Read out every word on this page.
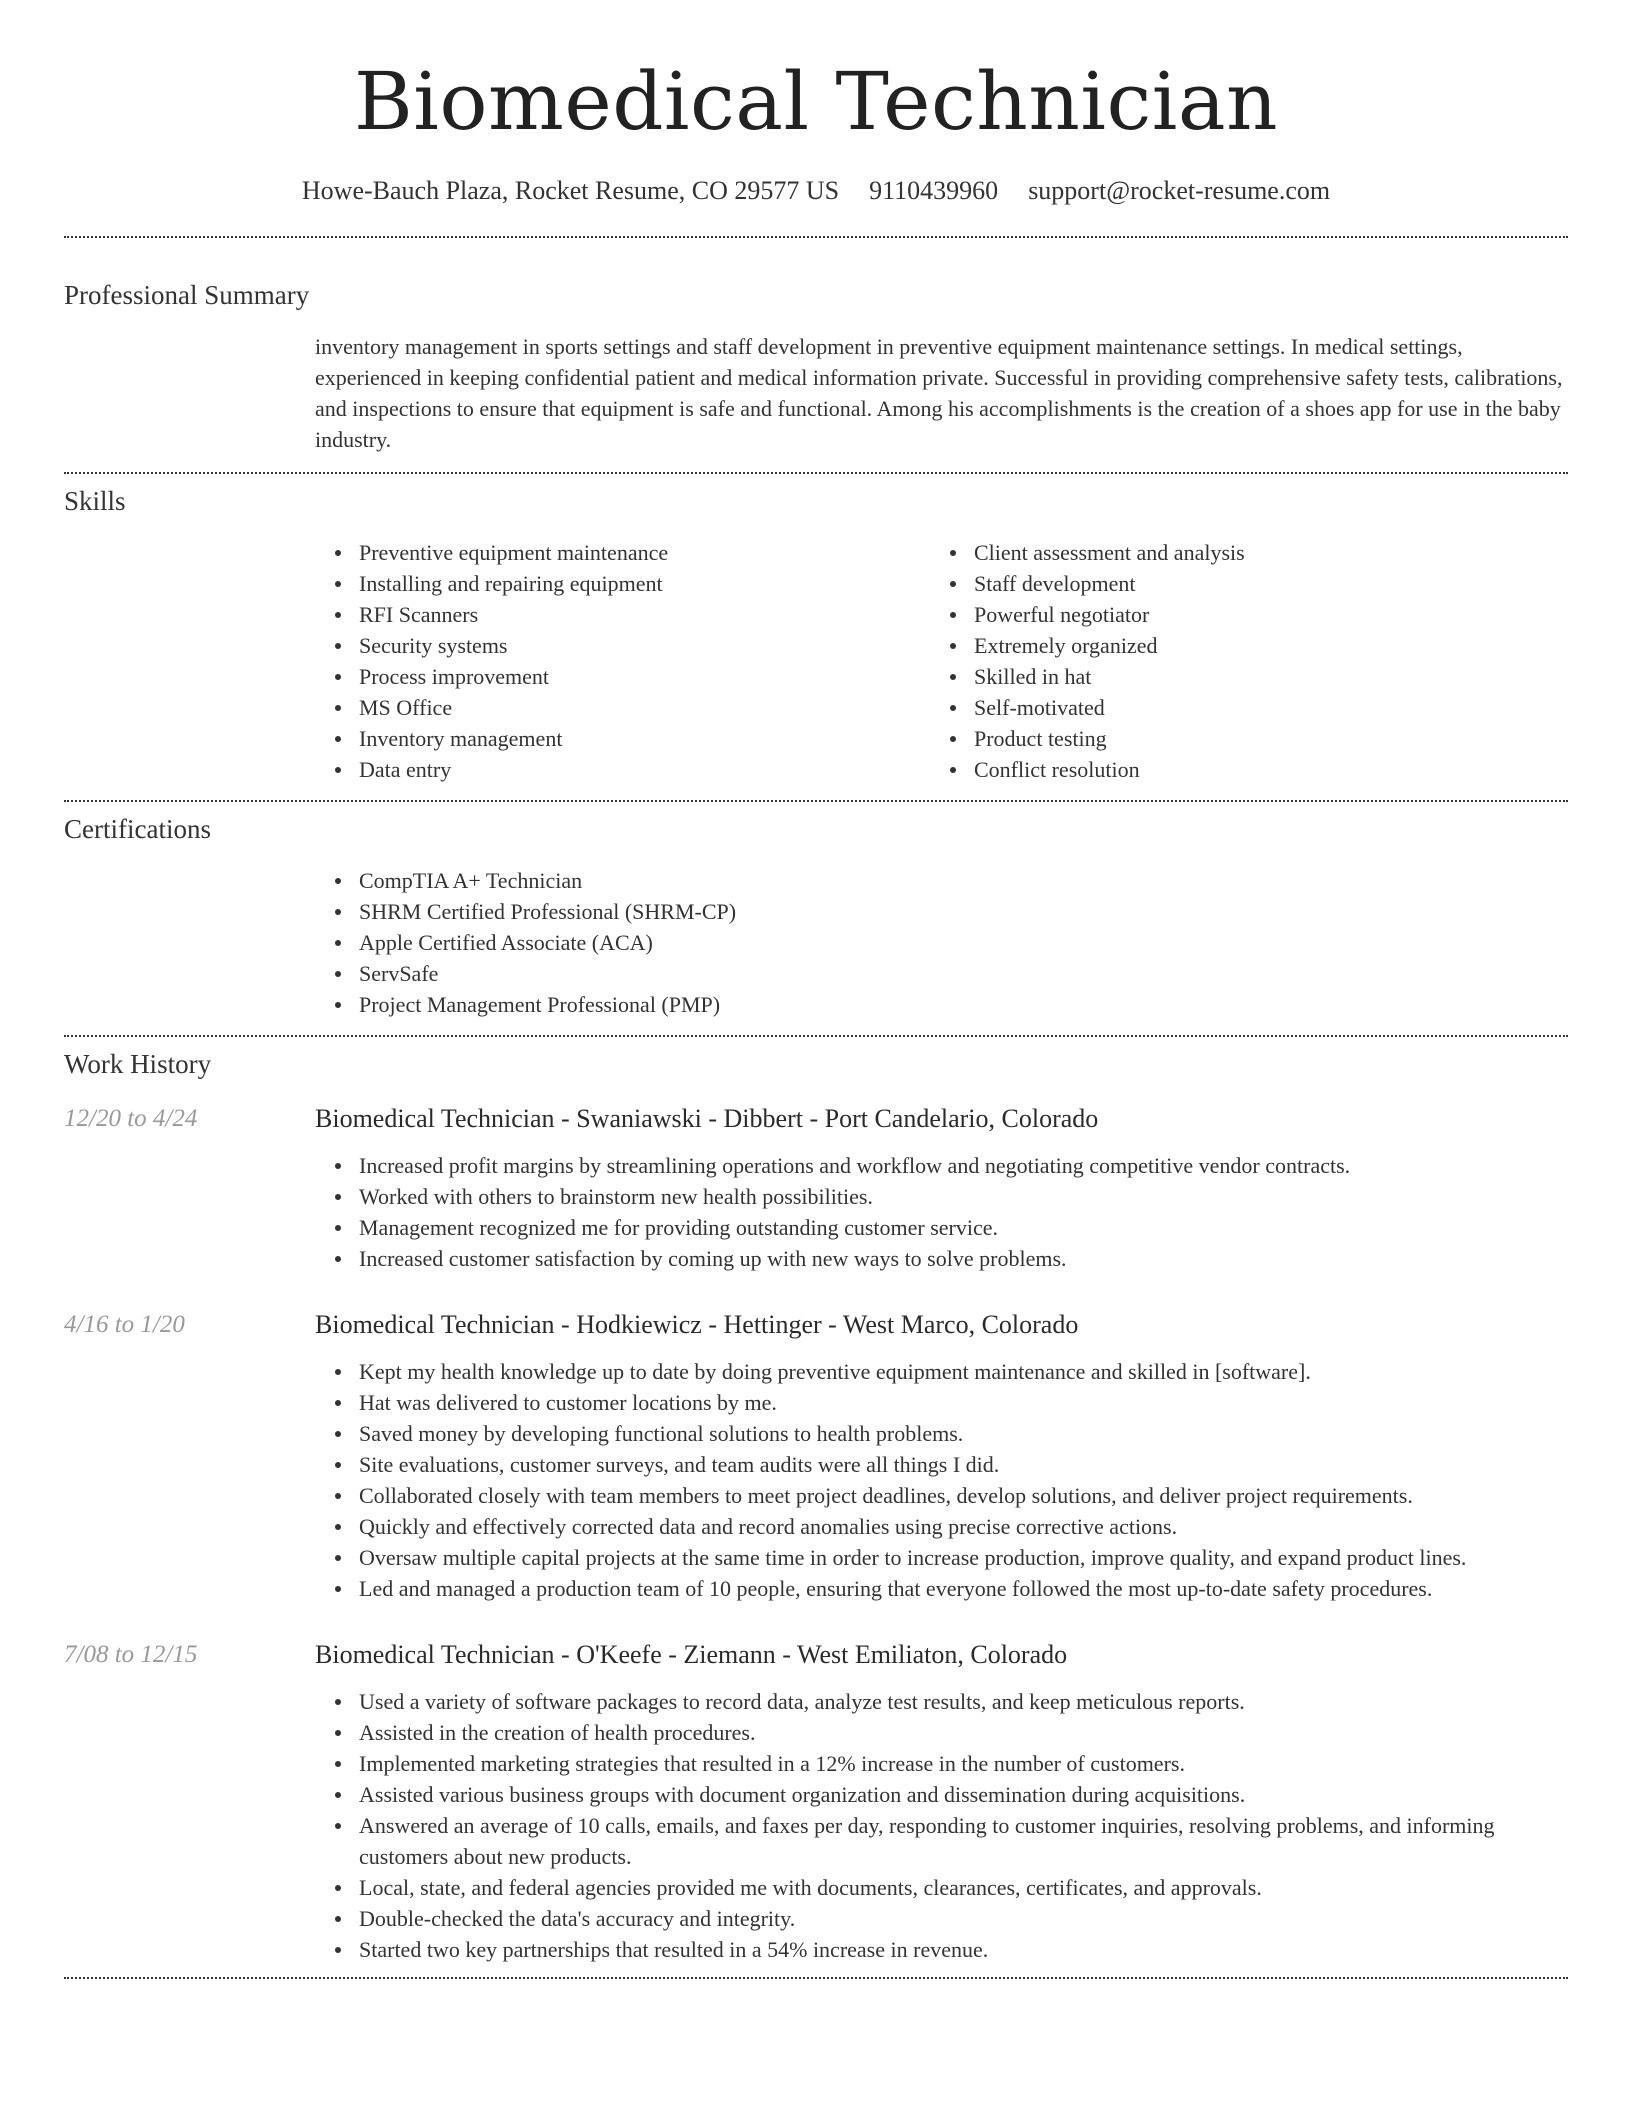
Biomedical Technician
Howe-Bauch Plaza, Rocket Resume, CO 29577 US 9110439960 support@rocket-resume.com
Professional Summary

inventory management in sports settings and staff development in preventive equipment maintenance settings. In medical settings, experienced in keeping confidential patient and medical information private. Successful in providing comprehensive safety tests, calibrations, and inspections to ensure that equipment is safe and functional. Among his accomplishments is the creation of a shoes app for use in the baby industry.

Skills
Preventive equipment maintenance
Installing and repairing equipment
RFI Scanners
Security systems
Process improvement
MS Office
Inventory management
Data entry
Client assessment and analysis
Staff development
Powerful negotiator
Extremely organized
Skilled in hat
Self-motivated
Product testing
Conflict resolution
Certifications
CompTIA A+ Technician
SHRM Certified Professional (SHRM-CP)
Apple Certified Associate (ACA)
ServSafe
Project Management Professional (PMP)
Work History
12/20 to 4/24	Biomedical Technician - Swaniawski - Dibbert - Port Candelario, Colorado
Increased profit margins by streamlining operations and workflow and negotiating competitive vendor contracts.
Worked with others to brainstorm new health possibilities.
Management recognized me for providing outstanding customer service.
Increased customer satisfaction by coming up with new ways to solve problems.
4/16 to 1/20	Biomedical Technician - Hodkiewicz - Hettinger - West Marco, Colorado
Kept my health knowledge up to date by doing preventive equipment maintenance and skilled in [software].
Hat was delivered to customer locations by me.
Saved money by developing functional solutions to health problems.
Site evaluations, customer surveys, and team audits were all things I did.
Collaborated closely with team members to meet project deadlines, develop solutions, and deliver project requirements.
Quickly and effectively corrected data and record anomalies using precise corrective actions.
Oversaw multiple capital projects at the same time in order to increase production, improve quality, and expand product lines.
Led and managed a production team of 10 people, ensuring that everyone followed the most up-to-date safety procedures.
7/08 to 12/15	Biomedical Technician - O'Keefe - Ziemann - West Emiliaton, Colorado
Used a variety of software packages to record data, analyze test results, and keep meticulous reports.
Assisted in the creation of health procedures.
Implemented marketing strategies that resulted in a 12% increase in the number of customers.
Assisted various business groups with document organization and dissemination during acquisitions.
Answered an average of 10 calls, emails, and faxes per day, responding to customer inquiries, resolving problems, and informing customers about new products.
Local, state, and federal agencies provided me with documents, clearances, certificates, and approvals.
Double-checked the data's accuracy and integrity.
Started two key partnerships that resulted in a 54% increase in revenue.
